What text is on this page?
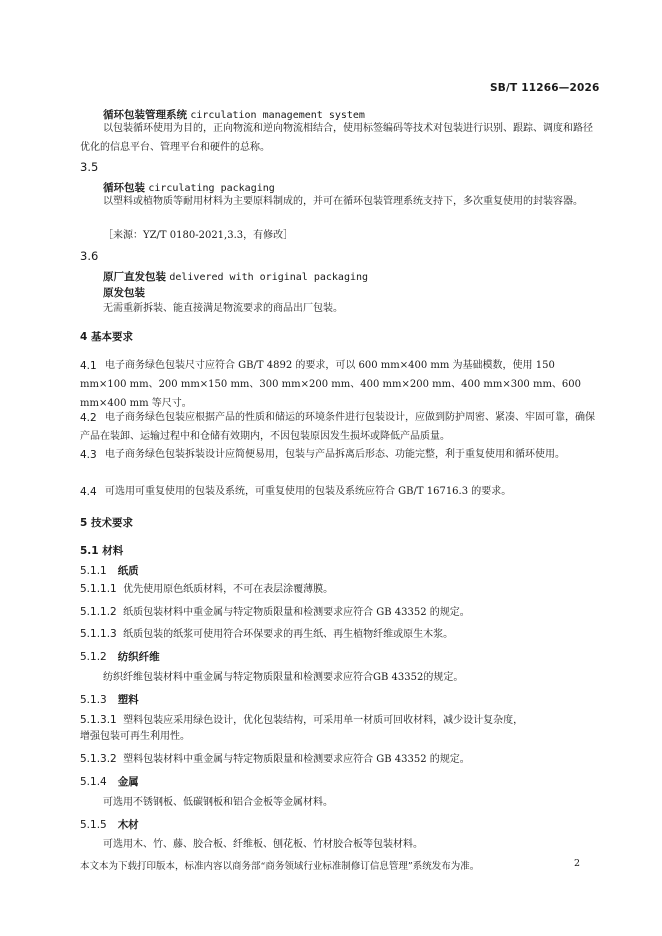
SB/T 11266—2026
循环包装管理系统 circulation management system
以包装循环使用为目的，正向物流和逆向物流相结合，使用标签编码等技术对包装进行识别、跟踪、调度和路径优化的信息平台、管理平台和硬件的总称。
3.5
循环包装 circulating packaging
以塑料或植物质等耐用材料为主要原料制成的，并可在循环包装管理系统支持下，多次重复使用的封装容器。
［来源：YZ/T 0180-2021,3.3，有修改］
3.6
原厂直发包装 delivered with original packaging
原发包装
无需重新拆装、能直接满足物流要求的商品出厂包装。
4 基本要求
4.1 电子商务绿色包装尺寸应符合 GB/T 4892 的要求，可以 600 mm×400 mm 为基础模数，使用 150 mm×100 mm、200 mm×150 mm、300 mm×200 mm、400 mm×200 mm、400 mm×300 mm、600 mm×400 mm 等尺寸。
4.2 电子商务绿色包装应根据产品的性质和储运的环境条件进行包装设计，应做到防护周密、紧凑、牢固可靠，确保产品在装卸、运输过程中和仓储有效期内，不因包装原因发生损坏或降低产品质量。
4.3 电子商务绿色包装拆装设计应简便易用，包装与产品拆离后形态、功能完整，利于重复使用和循环使用。
4.4 可选用可重复使用的包装及系统，可重复使用的包装及系统应符合 GB/T 16716.3 的要求。
5 技术要求
5.1 材料
5.1.1 纸质
5.1.1.1 优先使用原色纸质材料，不可在表层涂覆薄膜。
5.1.1.2 纸质包装材料中重金属与特定物质限量和检测要求应符合 GB 43352 的规定。
5.1.1.3 纸质包装的纸浆可使用符合环保要求的再生纸、再生植物纤维或原生木浆。
5.1.2 纺织纤维
纺织纤维包装材料中重金属与特定物质限量和检测要求应符合GB 43352的规定。
5.1.3 塑料
5.1.3.1 塑料包装应采用绿色设计，优化包装结构，可采用单一材质可回收材料，减少设计复杂度，
增强包装可再生利用性。
5.1.3.2 塑料包装材料中重金属与特定物质限量和检测要求应符合 GB 43352 的规定。
5.1.4 金属
可选用不锈钢板、低碳钢板和铝合金板等金属材料。
5.1.5 木材
可选用木、竹、藤、胶合板、纤维板、刨花板、竹材胶合板等包装材料。
本文本为下载打印版本，标准内容以商务部“商务领域行业标准制修订信息管理”系统发布为准。	2
